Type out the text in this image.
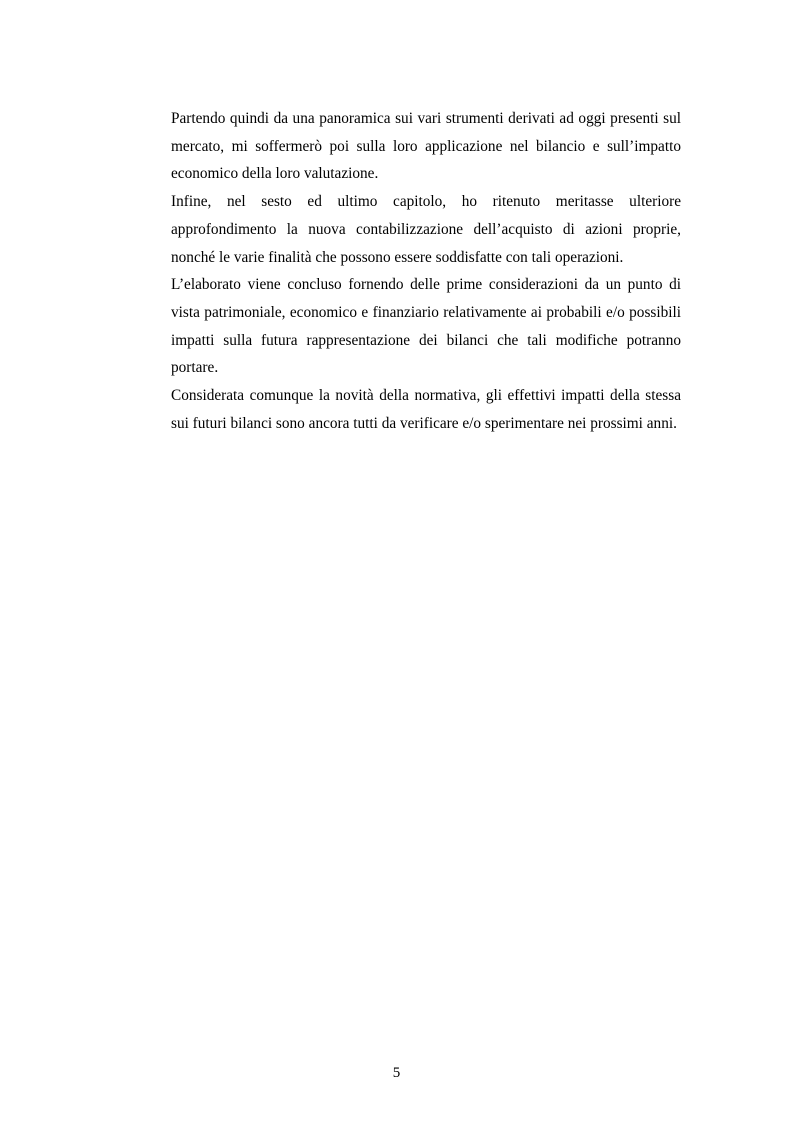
Partendo quindi da una panoramica sui vari strumenti derivati ad oggi presenti sul mercato, mi soffermerò poi sulla loro applicazione nel bilancio e sull’impatto economico della loro valutazione.

Infine, nel sesto ed ultimo capitolo, ho ritenuto meritasse ulteriore approfondimento la nuova contabilizzazione dell’acquisto di azioni proprie, nonché le varie finalità che possono essere soddisfatte con tali operazioni.

L’elaborato viene concluso fornendo delle prime considerazioni da un punto di vista patrimoniale, economico e finanziario relativamente ai probabili e/o possibili impatti sulla futura rappresentazione dei bilanci che tali modifiche potranno portare.

Considerata comunque la novità della normativa, gli effettivi impatti della stessa sui futuri bilanci sono ancora tutti da verificare e/o sperimentare nei prossimi anni.

5
